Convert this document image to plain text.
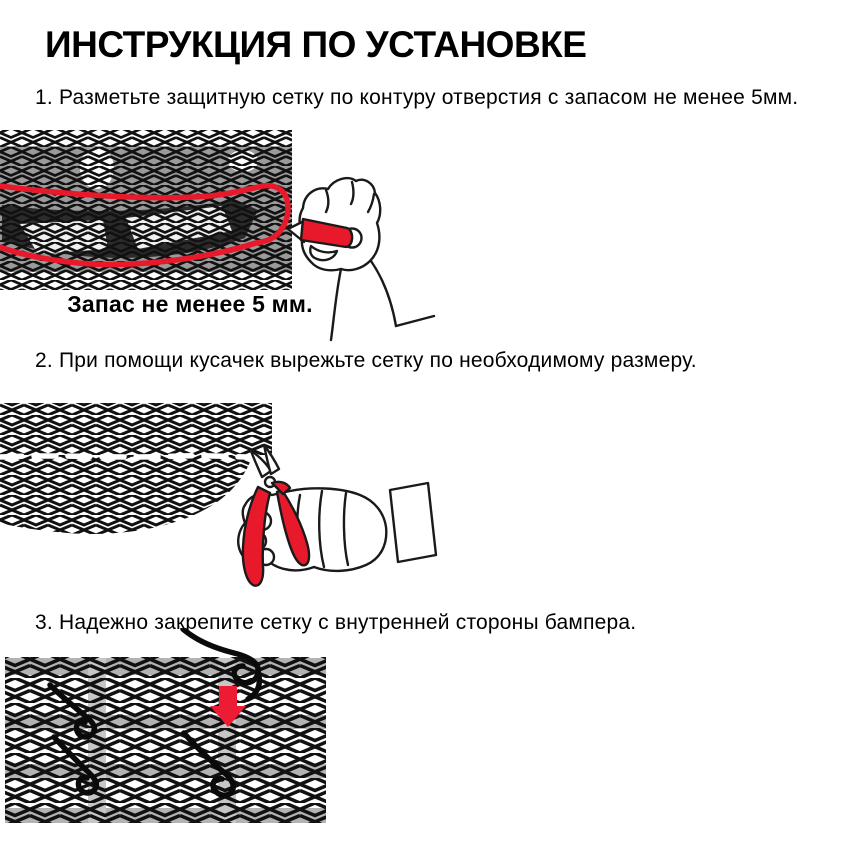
ИНСТРУКЦИЯ ПО УСТАНОВКЕ
1. Разметьте защитную сетку по контуру отверстия с запасом не менее 5мм.
Запас не менее 5 мм.
2. При помощи кусачек вырежьте сетку по необходимому размеру.
3. Надежно закрепите сетку с внутренней стороны бампера.
